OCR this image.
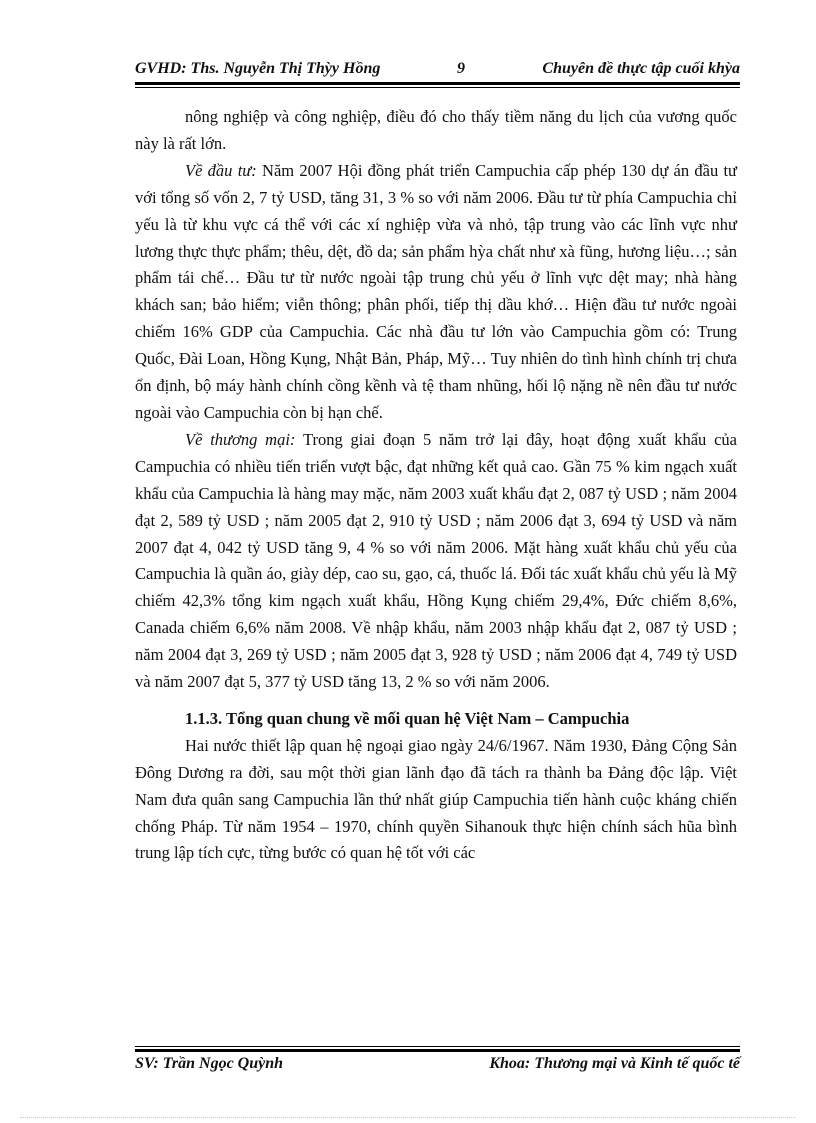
GVHD: Ths. Nguyễn Thị Thỳy Hồng	9	Chuyên đề thực tập cuối khỳa

nông nghiệp và công nghiệp, điều đó cho thấy tiềm năng du lịch của vương quốc này là rất lớn.

Về đầu tư: Năm 2007 Hội đồng phát triển Campuchia cấp phép 130 dự án đầu tư với tổng số vốn 2, 7 tỷ USD, tăng 31, 3 % so với năm 2006. Đầu tư từ phía Campuchia chỉ yếu là từ khu vực cá thể với các xí nghiệp vừa và nhỏ, tập trung vào các lĩnh vực như lương thực thực phẩm; thêu, dệt, đồ da; sản phẩm hỳa chất như xà fũng, hương liệu…; sản phẩm tái chế… Đầu tư từ nước ngoài tập trung chủ yếu ở lĩnh vực dệt may; nhà hàng khách san; bảo hiểm; viễn thông; phân phối, tiếp thị dầu khớ… Hiện đầu tư nước ngoài chiếm 16% GDP của Campuchia. Các nhà đầu tư lớn vào Campuchia gồm có: Trung Quốc, Đài Loan, Hồng Kụng, Nhật Bản, Pháp, Mỹ… Tuy nhiên do tình hình chính trị chưa ổn định, bộ máy hành chính cồng kềnh và tệ tham nhũng, hối lộ nặng nề nên đầu tư nước ngoài vào Campuchia còn bị hạn chế.

Về thương mại: Trong giai đoạn 5 năm trở lại đây, hoạt động xuất khẩu của Campuchia có nhiều tiến triển vượt bậc, đạt những kết quả cao. Gần 75 % kim ngạch xuất khẩu của Campuchia là hàng may mặc, năm 2003 xuất khẩu đạt 2, 087 tỷ USD ; năm 2004 đạt 2, 589 tỷ USD ; năm 2005 đạt 2, 910 tỷ USD ; năm 2006 đạt 3, 694 tỷ USD và năm 2007 đạt 4, 042 tỷ USD tăng 9, 4 % so với năm 2006. Mặt hàng xuất khẩu chủ yếu của Campuchia là quần áo, giày dép, cao su, gạo, cá, thuốc lá. Đối tác xuất khẩu chủ yếu là Mỹ chiếm 42,3% tổng kim ngạch xuất khẩu, Hồng Kụng chiếm 29,4%, Đức chiếm 8,6%, Canada chiếm 6,6% năm 2008. Về nhập khẩu, năm 2003 nhập khẩu đạt 2, 087 tỷ USD ; năm 2004 đạt 3, 269 tỷ USD ; năm 2005 đạt 3, 928 tỷ USD ; năm 2006 đạt 4, 749 tỷ USD và năm 2007 đạt 5, 377 tỷ USD tăng 13, 2 % so với năm 2006.

1.1.3. Tổng quan chung về mối quan hệ Việt Nam – Campuchia

Hai nước thiết lập quan hệ ngoại giao ngày 24/6/1967. Năm 1930, Đảng Cộng Sản Đông Dương ra đời, sau một thời gian lãnh đạo đã tách ra thành ba Đảng độc lập. Việt Nam đưa quân sang Campuchia lần thứ nhất giúp Campuchia tiến hành cuộc kháng chiến chống Pháp. Từ năm 1954 – 1970, chính quyền Sihanouk thực hiện chính sách hũa bình trung lập tích cực, từng bước có quan hệ tốt với các

SV: Trần Ngọc Quỳnh	Khoa: Thương mại và Kinh tế quốc tế
